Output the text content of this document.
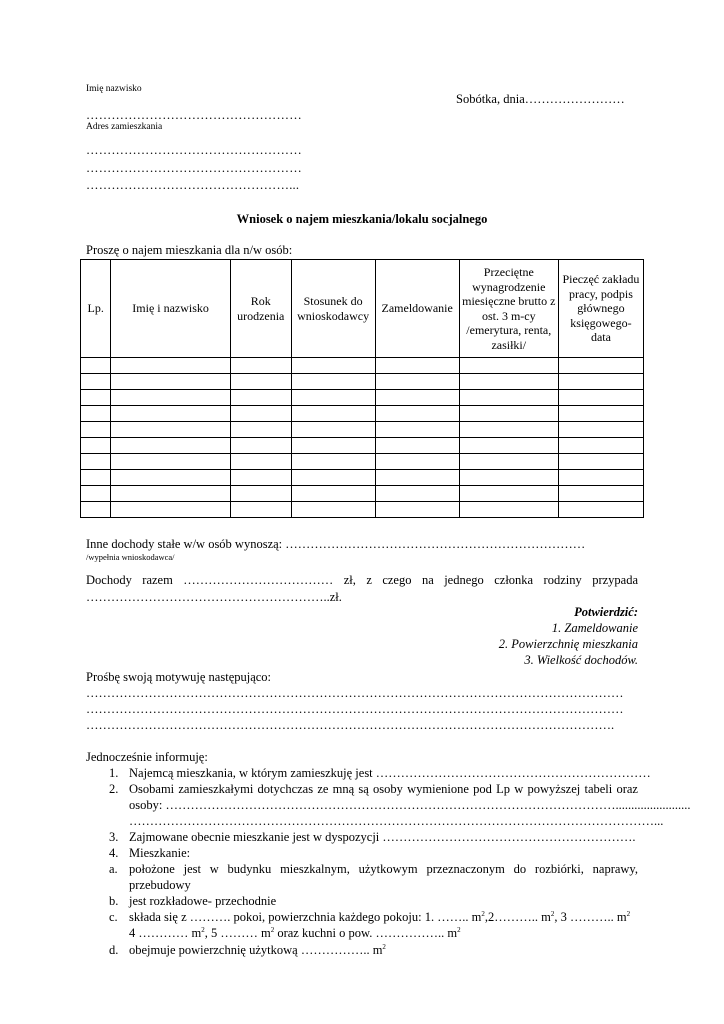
Imię nazwisko
Sobótka, dnia……………………
……………………………………………
Adres zamieszkania
……………………………………………
……………………………………………
…………………………………………...
Wniosek o najem mieszkania/lokalu socjalnego
Proszę o najem mieszkania dla n/w osób:
Lp.	Imię i nazwisko	Rok urodzenia	Stosunek do wnioskodawcy	Zameldowanie	Przeciętne wynagrodzenie miesięczne brutto z ost. 3 m-cy /emerytura, renta, zasiłki/	Pieczęć zakładu pracy, podpis głównego księgowego- data

Inne dochody stałe w/w osób wynoszą: ………………………………………………………………
/wypełnia wnioskodawca/
Dochody razem ……………………………… zł, z czego na jednego członka rodziny przypada
…………………………………………………..zł.
Potwierdzić:
1. Zameldowanie
2. Powierzchnię mieszkania
3. Wielkość dochodów.
Prośbę swoją motywuję następująco:
…………………………………………………………………………………………………………………
…………………………………………………………………………………………………………………
……………………………………………………………………………………………………………….
Jednocześnie informuję:
1. Najemcą mieszkania, w którym zamieszkuję jest …………………………………………………………
2. Osobami zamieszkałymi dotychczas ze mną są osoby wymienione pod Lp w powyższej tabeli oraz
osoby: ………………………………………………………………………………………………........................
………………………………………………………………………………………………………………...
3. Zajmowane obecnie mieszkanie jest w dyspozycji …………………………………………………….
4. Mieszkanie:
a. położone jest w budynku mieszkalnym, użytkowym przeznaczonym do rozbiórki, naprawy,
przebudowy
b. jest rozkładowe- przechodnie
c. składa się z ………. pokoi, powierzchnia każdego pokoju: 1. …….. $m^2,2\dots\dots\dots$.. $m^2$, 3 ……….. $m^2$
4 ………… $m^2$, 5 ……… $m^2$ oraz kuchni o pow. …………….. $m^2$
d. obejmuje powierzchnię użytkową …………….. $m^2$
